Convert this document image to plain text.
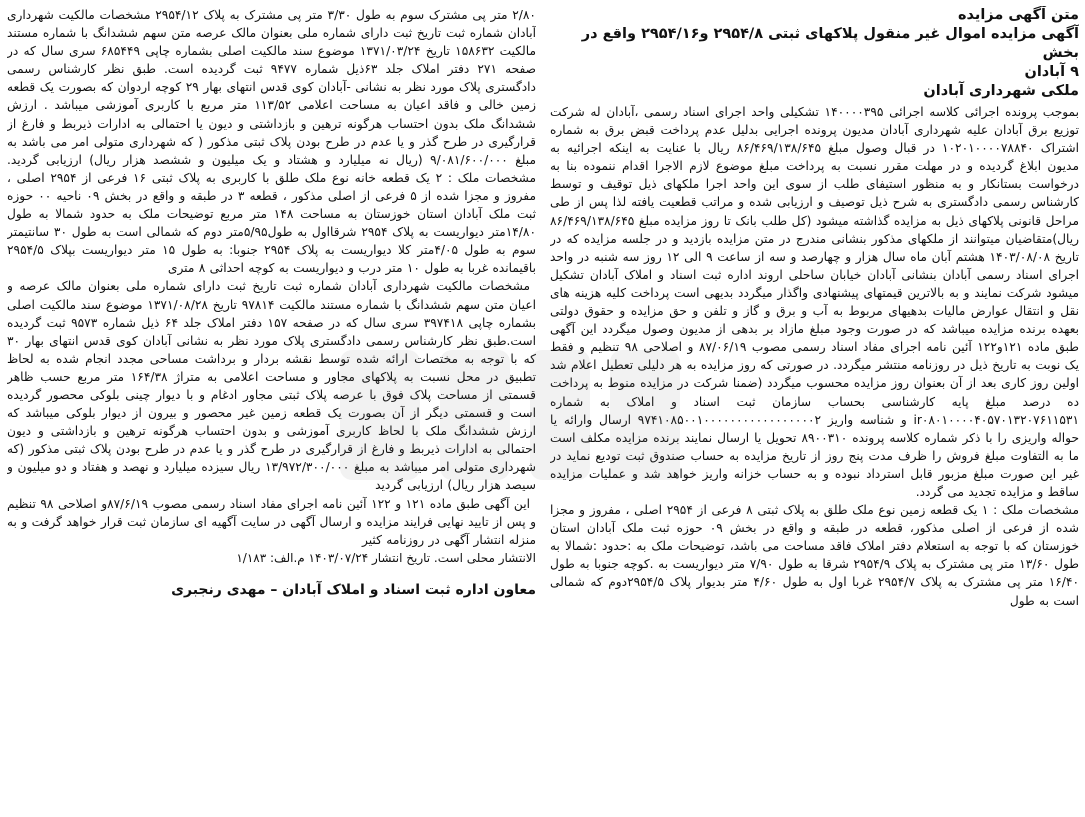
متن آگهی مزایده

آگهی مزایده اموال غیر منقول پلاکهای ثبتی ۲۹۵۴/۸ و۲۹۵۴/۱۶ واقع در بخش

۹ آبادان

ملکی شهرداری آبادان

بموجب پرونده اجرائی کلاسه اجرائی ۱۴۰۰۰۰۳۹۵ تشکیلی واحد اجرای اسناد رسمی ،آبادان له شرکت توزیع برق آبادان علیه شهرداری آبادان مدیون پرونده اجرایی بدلیل عدم پرداخت قبض برق به شماره اشتراک ۱۰۲۰۱۰۰۰۰۷۸۸۴۰ در قبال وصول مبلغ ۸۶/۴۶۹/۱۳۸/۶۴۵ ریال با عنایت به اینکه اجرائیه به مدیون ابلاغ گردیده و در مهلت مقرر نسبت به پرداخت مبلغ موضوع لازم الاجرا اقدام ننموده بنا به درخواست بستانکار و به منظور استیفای طلب از سوی این واحد اجرا ملکهای ذیل توقیف و توسط کارشناس رسمی دادگستری به شرح ذیل توصیف و ارزیابی شده و مراتب قطعیت یافته لذا پس از طی مراحل قانونی پلاکهای ذیل به مزایده گذاشته میشود (کل طلب بانک تا روز مزایده مبلغ ۸۶/۴۶۹/۱۳۸/۶۴۵ ریال)متقاضیان میتوانند از ملکهای مذکور بنشانی مندرج در متن مزایده بازدید و در جلسه مزایده که در تاریخ ۱۴۰۳/۰۸/۰۸ هشتم آبان ماه سال هزار و چهارصد و سه از ساعت ۹ الی ۱۲ روز سه شنبه در واحد اجرای اسناد رسمی آبادان بنشانی آبادان خیابان ساحلی اروند اداره ثبت اسناد و املاک آبادان تشکیل میشود شرکت نمایند و به بالاترین قیمتهای پیشنهادی واگذار میگردد بدیهی است پرداخت کلیه هزینه های نقل و انتقال عوارض مالیات بدهیهای مربوط به آب و برق و گاز و تلفن و حق مزایده و حقوق دولتی بعهده برنده مزایده میباشد که در صورت وجود مبلغ مازاد بر بدهی از مدیون وصول میگردد این آگهی طبق ماده ۱۲۱و۱۲۲ آئین نامه اجرای مفاد اسناد رسمی مصوب ۸۷/۰۶/۱۹ و اصلاحی ۹۸ تنظیم و فقط یک نوبت به تاریخ ذیل در روزنامه منتشر میگردد. در صورتی که روز مزایده به هر دلیلی تعطیل اعلام شد اولین روز کاری بعد از آن بعنوان روز مزایده محسوب میگردد (ضمنا شرکت در مزایده منوط به پرداخت ده درصد مبلغ پایه کارشناسی بحساب سازمان ثبت اسناد و املاک به شماره ir۰۸۰۱۰۰۰۰۴۰۵۷۰۱۳۲۰۷۶۱۱۵۳۱ و شناسه واریز ۹۷۴۱۰۸۵۰۰۱۰۰۰۰۰۰۰۰۰۰۰۰۰۰۰۰۰۲ ارسال وارائه یا حواله واریزی را با ذکر شماره کلاسه پرونده ۸۹۰۰۳۱۰ تحویل یا ارسال نمایند برنده مزایده مکلف است ما به التفاوت مبلغ فروش را ظرف مدت پنج روز از تاریخ مزایده به حساب صندوق ثبت تودیع نماید در غیر این صورت مبلغ مزبور قابل استرداد نبوده و به حساب خزانه واریز خواهد شد و عملیات مزایده ساقط و مزایده تجدید می گردد.

مشخصات ملک : ۱ یک قطعه زمین نوع ملک طلق به پلاک ثبتی ۸ فرعی از ۲۹۵۴ اصلی ، مفروز و مجزا شده از فرعی از اصلی مذکور، قطعه در طبقه و واقع در بخش ۰۹ حوزه ثبت ملک آبادان استان خوزستان که با توجه به استعلام دفتر املاک فاقد مساحت می باشد، توضیحات ملک به :حدود :شمالا به طول ۱۳/۶۰ متر پی مشترک به پلاک ۲۹۵۴/۹ شرقا به طول ۷/۹۰ متر دیواریست به .کوچه جنوبا به طول ۱۶/۴۰ متر پی مشترک به پلاک ۲۹۵۴/۷ غربا اول به طول ۴/۶۰ متر بدیوار پلاک ۲۹۵۴/۵دوم که شمالی است به طول

۲/۸۰ متر پی مشترک سوم به طول ۳/۳۰ متر پی مشترک به پلاک ۲۹۵۴/۱۲ مشخصات مالکیت شهرداری آبادان شماره ثبت تاریخ ثبت دارای شماره ملی بعنوان مالک عرصه متن سهم ششدانگ با شماره مستند مالکیت ۱۵۸۶۳۲ تاریخ ۱۳۷۱/۰۳/۲۴ موضوع سند مالکیت اصلی بشماره چاپی ۶۸۵۴۴۹ سری سال که در صفحه ۲۷۱ دفتر املاک جلد ۶۳ذیل شماره ۹۴۷۷ ثبت گردیده است. طبق نظر کارشناس رسمی دادگستری پلاک مورد نظر به نشانی -آبادان کوی قدس انتهای بهار ۲۹ کوچه اردوان که بصورت یک قطعه زمین خالی و فاقد اعیان به مساحت اعلامی ۱۱۳/۵۲ متر مربع با کاربری آموزشی میباشد . ارزش ششدانگ ملک بدون احتساب هرگونه ترهین و بازداشتی و دیون یا احتمالی به ادارات ذیربط و فارغ از قرارگیری در طرح گذر و یا عدم در طرح بودن پلاک ثبتی مذکور ( که شهرداری متولی امر می باشد به مبلغ ۹/۰۸۱/۶۰۰/۰۰۰ (ریال نه میلیارد و هشتاد و یک میلیون و ششصد هزار ریال) ارزیابی گردید. مشخصات ملک : ۲ یک قطعه خانه نوع ملک طلق با کاربری به پلاک ثبتی ۱۶ فرعی از ۲۹۵۴ اصلی ، مفروز و مجزا شده از ۵ فرعی از اصلی مذکور ، قطعه ۳ در طبقه و واقع در بخش ۰۹ ناحیه ۰۰ حوزه ثبت ملک آبادان استان خوزستان به مساحت ۱۴۸ متر مربع توضیحات ملک به حدود شمالا به طول ۱۴/۸۰متر دیواریست به پلاک ۲۹۵۴ شرقااول به طول۵/۹۵متر دوم که شمالی است به طول ۳۰ سانتیمتر سوم به طول ۴/۰۵متر کلا دیواریست به پلاک ۲۹۵۴ جنوبا: به طول ۱۵ متر دیواریست بپلاک ۲۹۵۴/۵ باقیمانده غربا به طول ۱۰ متر درب و دیواریست به کوچه احداثی ۸ متری

مشخصات مالکیت شهرداری آبادان شماره ثبت تاریخ ثبت دارای شماره ملی بعنوان مالک عرصه و اعیان متن سهم ششدانگ با شماره مستند مالکیت ۹۷۸۱۴ تاریخ ۱۳۷۱/۰۸/۲۸ موضوع سند مالکیت اصلی بشماره چاپی ۳۹۷۴۱۸ سری سال که در صفحه ۱۵۷ دفتر املاک جلد ۶۴ ذیل شماره ۹۵۷۳ ثبت گردیده است.طبق نظر کارشناس رسمی دادگستری پلاک مورد نظر به نشانی آبادان کوی قدس انتهای بهار ۳۰ که با توجه به مختصات ارائه شده توسط نقشه بردار و برداشت مساحی مجدد انجام شده به لحاظ تطبیق در محل نسبت به پلاکهای مجاور و مساحت اعلامی به متراژ ۱۶۴/۳۸ متر مربع حسب ظاهر قسمتی از مساحت پلاک فوق با عرصه پلاک ثبتی مجاور ادغام و با دیوار چینی بلوکی محصور گردیده است و قسمتی دیگر از آن بصورت یک قطعه زمین غیر محصور و بیرون از دیوار بلوکی میباشد که ارزش ششدانگ ملک با لحاظ کاربری آموزشی و بدون احتساب هرگونه ترهین و بازداشتی و دیون احتمالی به ادارات ذیربط و فارغ از قرارگیری در طرح گذر و یا عدم در طرح بودن پلاک ثبتی مذکور (که شهرداری متولی امر میباشد به مبلغ ۱۳/۹۷۲/۳۰۰/۰۰۰ ریال سیزده میلیارد و نهصد و هفتاد و دو میلیون و سیصد هزار ریال) ارزیابی گردید

این آگهی طبق ماده ۱۲۱ و ۱۲۲ آئین نامه اجرای مفاد اسناد رسمی مصوب ۸۷/۶/۱۹و اصلاحی ۹۸ تنظیم و پس از تایید نهایی فرایند مزایده و ارسال آگهی در سایت آگهیه ای سازمان ثبت قرار خواهد گرفت و به منزله انتشار آگهی در روزنامه کثیر

الانتشار محلی است. تاریخ انتشار ۱۴۰۳/۰۷/۲۴ م.الف: ۱/۱۸۳

معاون اداره ثبت اسناد و املاک آبادان – مهدی رنجبری
